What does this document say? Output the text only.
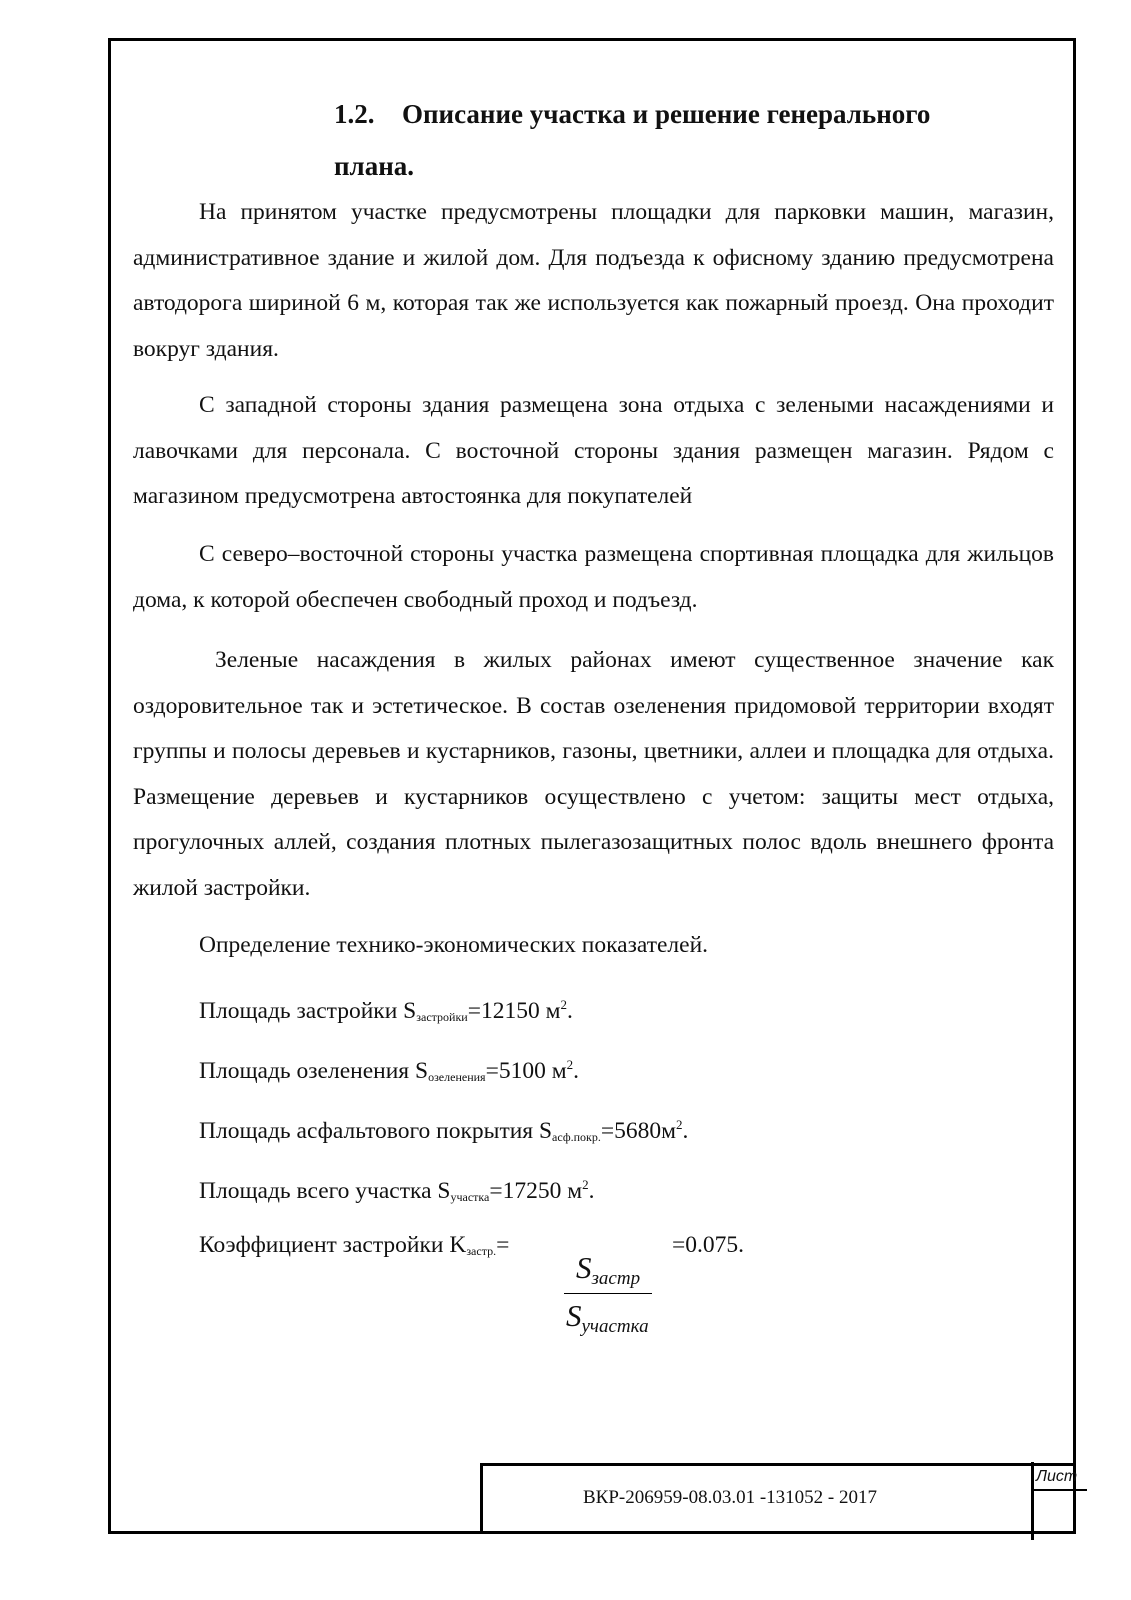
1.2. Описание участка и решение генерального
плана.

На принятом участке предусмотрены площадки для парковки машин, магазин, административное здание и жилой дом. Для подъезда к офисному зданию предусмотрена автодорога шириной 6 м, которая так же используется как пожарный проезд. Она проходит вокруг здания.

С западной стороны здания размещена зона отдыха с зелеными насаждениями и лавочками для персонала. С восточной стороны здания размещен магазин. Рядом с магазином предусмотрена автостоянка для покупателей

С северо–восточной стороны участка размещена спортивная площадка для жильцов дома, к которой обеспечен свободный проход и подъезд.

Зеленые насаждения в жилых районах имеют существенное значение как оздоровительное так и эстетическое. В состав озеленения придомовой территории входят группы и полосы деревьев и кустарников, газоны, цветники, аллеи и площадка для отдыха. Размещение деревьев и кустарников осуществлено с учетом: защиты мест отдыха, прогулочных аллей, создания плотных пылегазозащитных полос вдоль внешнего фронта жилой застройки.

Определение технико-экономических показателей.

Площадь застройки $S_{застройки}=12150$ $м^2$.

Площадь озеленения $S_{озеленения}=5100$ $м^2$.

Площадь асфальтового покрытия $S_{асф.покр.}=5680м^2$.

Площадь всего участка $S_{участка}=17250$ $м^2$.

Коэффициент застройки $K_{застр.}=$	=0.075.

Sзастр
Sучастка
ВКР-206959-08.03.01 -131052 - 2017
Лист
